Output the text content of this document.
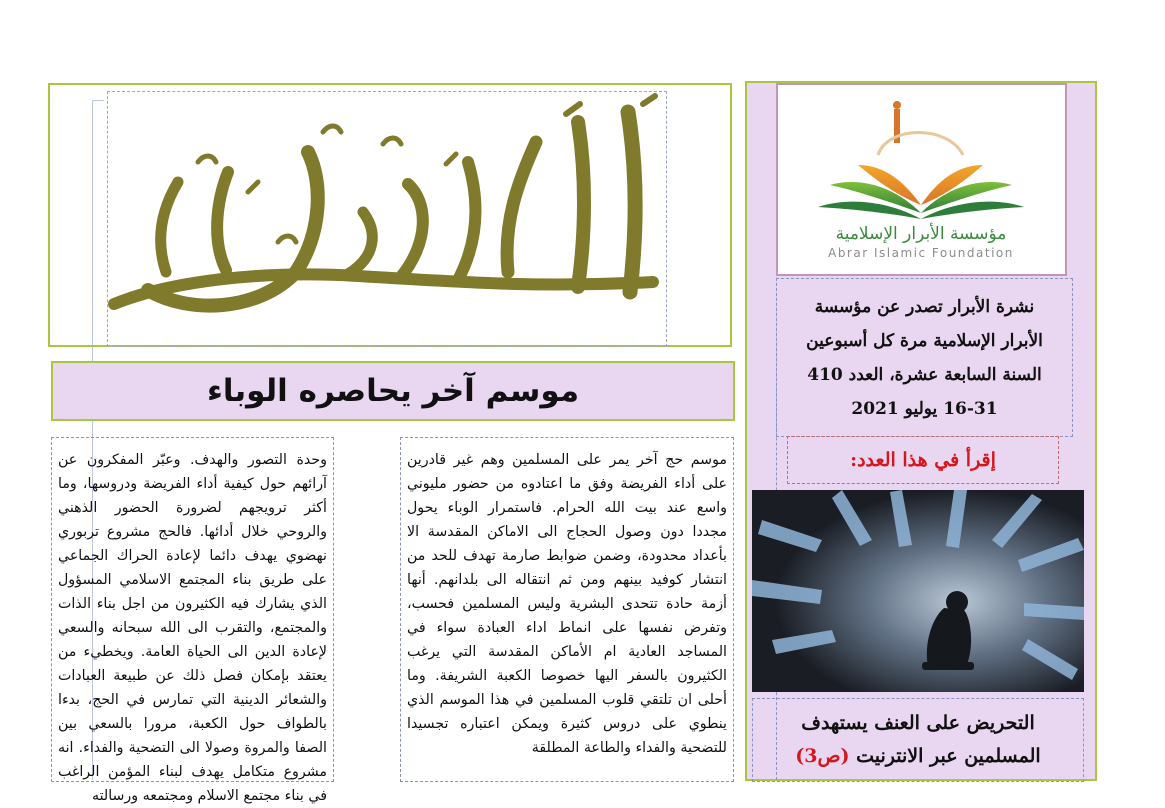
موسم آخر يحاصره الوباء

موسم حج آخر يمر على المسلمين وهم غير قادرين على أداء الفريضة وفق ما اعتادوه من حضور مليوني واسع عند بيت الله الحرام. فاستمرار الوباء يحول مجددا دون وصول الحجاج الى الاماكن المقدسة الا بأعداد محدودة، وضمن ضوابط صارمة تهدف للحد من انتشار كوفيد بينهم ومن ثم انتقاله الى بلدانهم. أنها أزمة حادة تتحدى البشرية وليس المسلمين فحسب، وتفرض نفسها على انماط اداء العبادة سواء في المساجد العادية ام الأماكن المقدسة التي يرغب الكثيرون بالسفر اليها خصوصا الكعبة الشريفة. وما أحلى ان تلتقي قلوب المسلمين في هذا الموسم الذي ينطوي على دروس كثيرة ويمكن اعتباره تجسيدا للتضحية والفداء والطاعة المطلقة

وحدة التصور والهدف. وعبّر المفكرون عن آرائهم حول كيفية أداء الفريضة ودروسها، وما أكثر ترويجهم لضرورة الحضور الذهني والروحي خلال أدائها. فالحج مشروع تربوري نهضوي يهدف دائما لإعادة الحراك الجماعي على طريق بناء المجتمع الاسلامي المسؤول الذي يشارك فيه الكثيرون من اجل بناء الذات والمجتمع، والتقرب الى الله سبحانه والسعي لإعادة الدين الى الحياة العامة. ويخطيء من يعتقد بإمكان فصل ذلك عن طبيعة العبادات والشعائر الدينية التي تمارس في الحج، بدءا بالطواف حول الكعبة، مرورا بالسعي بين الصفا والمروة وصولا الى التضحية والفداء. انه مشروع متكامل يهدف لبناء المؤمن الراغب في بناء مجتمع الاسلام ومجتمعه ورسالته

مؤسسة الأبرار الإسلامية
Abrar Islamic Foundation
نشرة الأبرار تصدر عن مؤسسة
الأبرار الإسلامية مرة كل أسبوعين
السنة السابعة عشرة، العدد 410
16-31 يوليو 2021
إقرأ في هذا العدد:
التحريض على العنف يستهدف
المسلمين عبر الانترنيت (ص3)
